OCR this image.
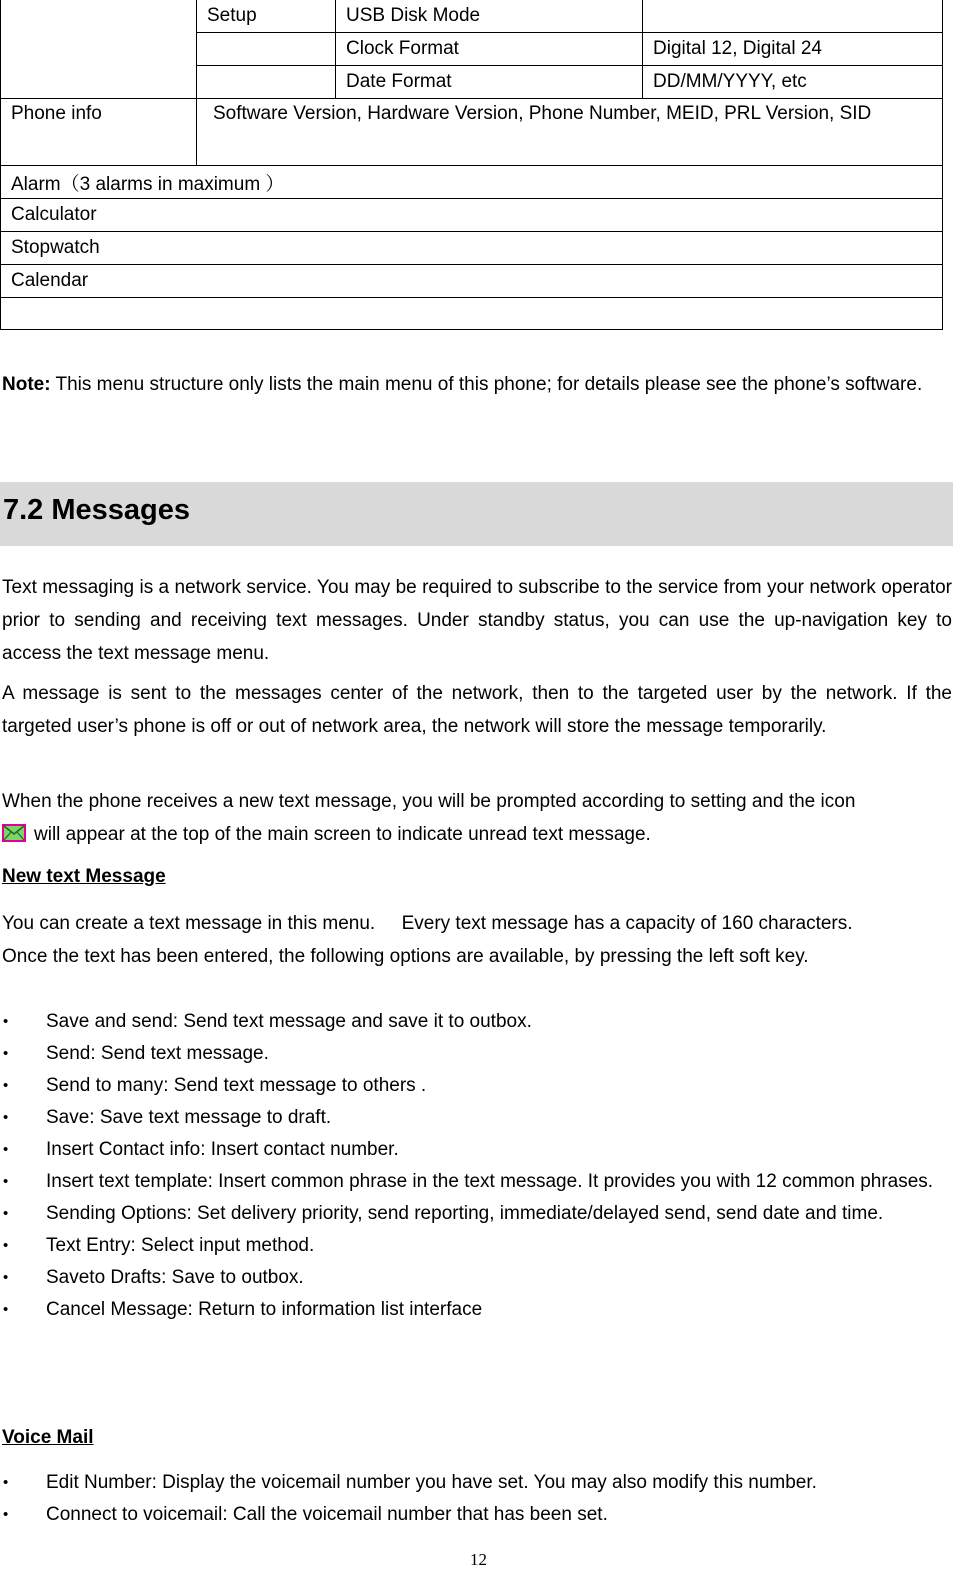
	Setup	USB Disk Mode	
		Clock Format	Digital 12, Digital 24
		Date Format	DD/MM/YYYY, etc
Phone info	Software Version, Hardware Version, Phone Number, MEID, PRL Version, SID		
Alarm（3 alarms in maximum ）			
Calculator			
Stopwatch			
Calendar			

Note: This menu structure only lists the main menu of this phone; for details please see the phone’s software.
7.2 Messages
Text messaging is a network service. You may be required to subscribe to the service from your network operator prior to sending and receiving text messages. Under standby status, you can use the up-navigation key to access the text message menu.
A message is sent to the messages center of the network, then to the targeted user by the network. If the targeted user’s phone is off or out of network area, the network will store the message temporarily.
When the phone receives a new text message, you will be prompted according to setting and the icon
will appear at the top of the main screen to indicate unread text message.
New text Message
You can create a text message in this menu.     Every text message has a capacity of 160 characters.
Once the text has been entered, the following options are available, by pressing the left soft key.
• Save and send: Send text message and save it to outbox.
• Send: Send text message.
• Send to many: Send text message to others .
• Save: Save text message to draft.
• Insert Contact info: Insert contact number.
• Insert text template: Insert common phrase in the text message. It provides you with 12 common phrases.
• Sending Options: Set delivery priority, send reporting, immediate/delayed send, send date and time.
• Text Entry: Select input method.
• Saveto Drafts: Save to outbox.
• Cancel Message: Return to information list interface
Voice Mail
• Edit Number: Display the voicemail number you have set. You may also modify this number.
• Connect to voicemail: Call the voicemail number that has been set.
12
